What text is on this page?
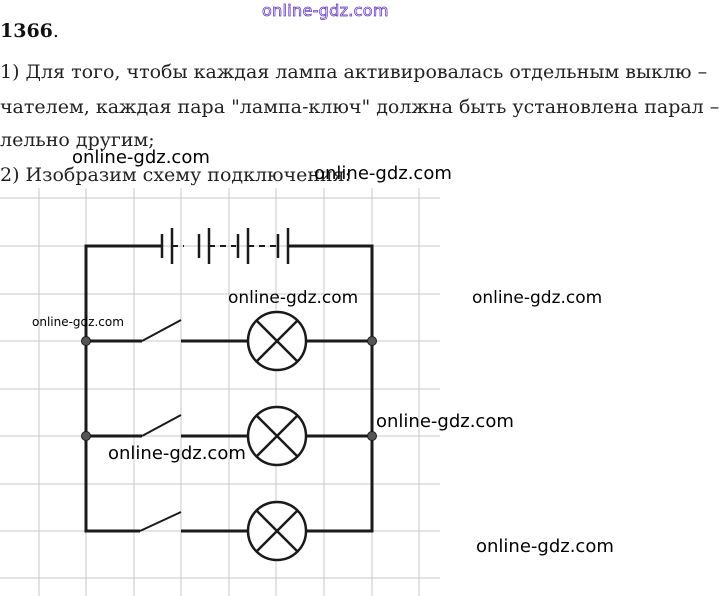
online-gdz.com
1366.
1) Для того, чтобы каждая лампа активировалась отдельным выклю –
чателем, каждая пара "лампа-ключ" должна быть установлена парал –
лельно другим;
2) Изобразим схему подключения:
online-gdz.com
online-gdz.com
online-gdz.com	online-gdz.com
online-gdz.com
online-gdz.com
online-gdz.com
online-gdz.com
